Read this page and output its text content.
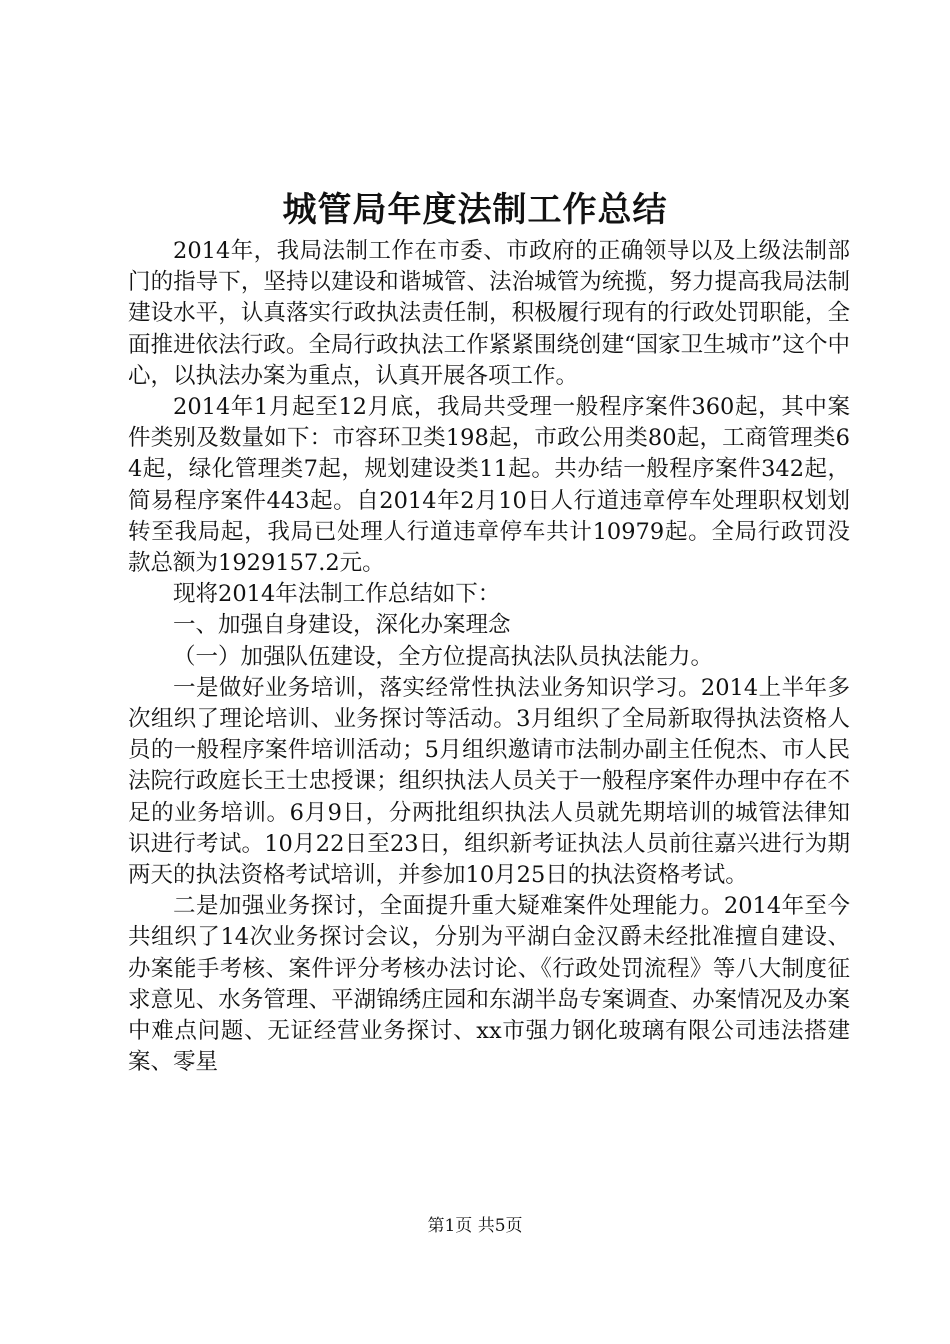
城管局年度法制工作总结

2014年，我局法制工作在市委、市政府的正确领导以及上级法制部门的指导下，坚持以建设和谐城管、法治城管为统揽，努力提高我局法制建设水平，认真落实行政执法责任制，积极履行现有的行政处罚职能，全面推进依法行政。全局行政执法工作紧紧围绕创建“国家卫生城市”这个中心，以执法办案为重点，认真开展各项工作。

2014年1月起至12月底，我局共受理一般程序案件360起，其中案件类别及数量如下：市容环卫类198起，市政公用类80起，工商管理类64起，绿化管理类7起，规划建设类11起。共办结一般程序案件342起，简易程序案件443起。自2014年2月10日人行道违章停车处理职权划划转至我局起，我局已处理人行道违章停车共计10979起。全局行政罚没款总额为1929157.2元。

现将2014年法制工作总结如下：

一、加强自身建设，深化办案理念

（一）加强队伍建设，全方位提高执法队员执法能力。

一是做好业务培训，落实经常性执法业务知识学习。2014上半年多次组织了理论培训、业务探讨等活动。3月组织了全局新取得执法资格人员的一般程序案件培训活动；5月组织邀请市法制办副主任倪杰、市人民法院行政庭长王士忠授课；组织执法人员关于一般程序案件办理中存在不足的业务培训。6月9日，分两批组织执法人员就先期培训的城管法律知识进行考试。10月22日至23日，组织新考证执法人员前往嘉兴进行为期两天的执法资格考试培训，并参加10月25日的执法资格考试。

二是加强业务探讨，全面提升重大疑难案件处理能力。2014年至今共组织了14次业务探讨会议，分别为平湖白金汉爵未经批准擅自建设、办案能手考核、案件评分考核办法讨论、《行政处罚流程》等八大制度征求意见、水务管理、平湖锦绣庄园和东湖半岛专案调查、办案情况及办案中难点问题、无证经营业务探讨、xx市强力钢化玻璃有限公司违法搭建案、零星

第1页 共5页
